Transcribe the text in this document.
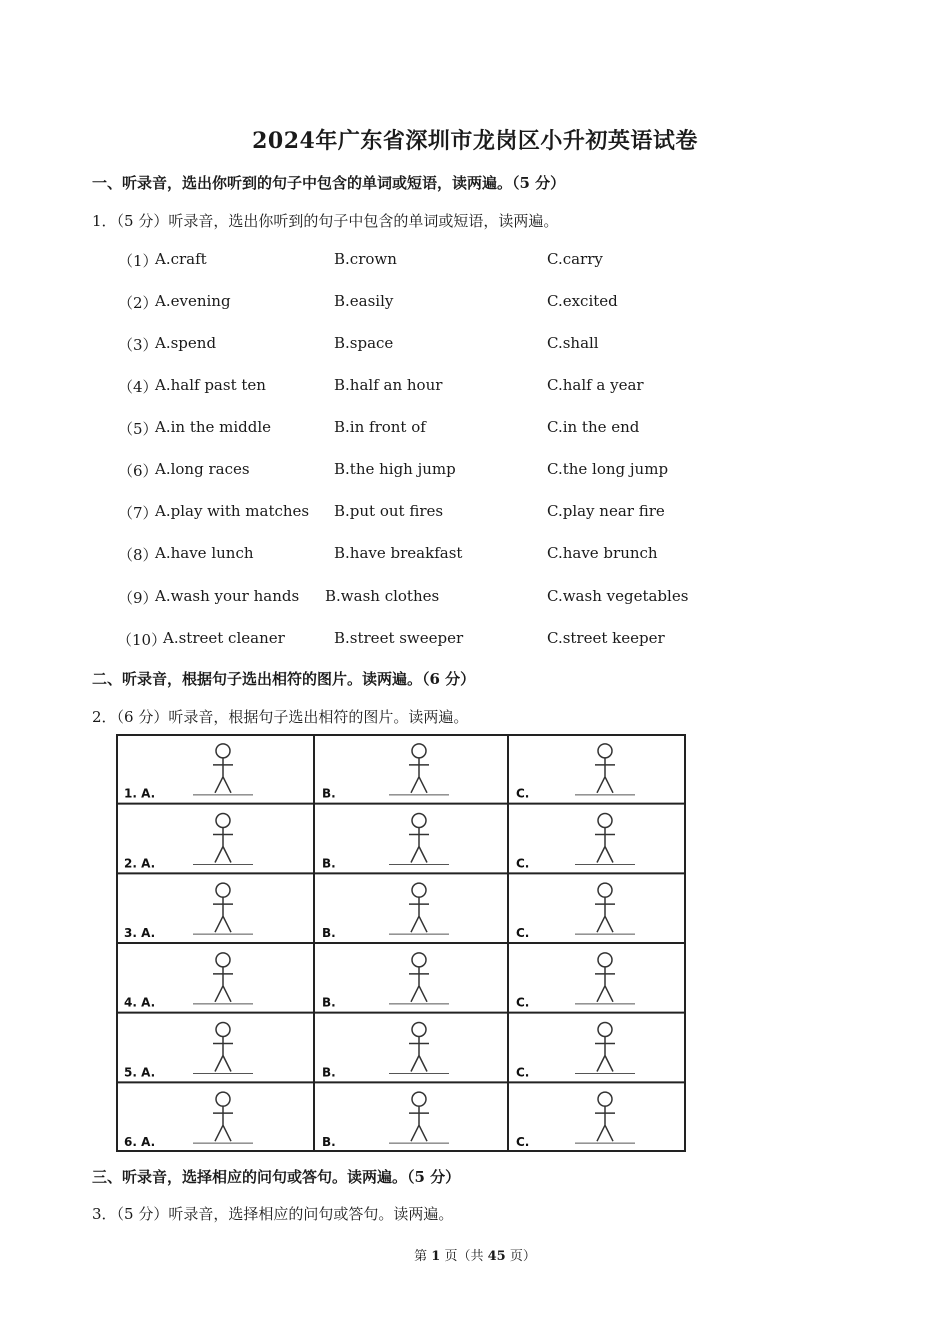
2024年广东省深圳市龙岗区小升初英语试卷
一、听录音，选出你听到的句子中包含的单词或短语，读两遍。（5 分）
1．（5 分）听录音，选出你听到的句子中包含的单词或短语，读两遍。
（1）
A.craft	B.crown	C.carry
（2）
A.evening	B.easily	C.excited
（3）
A.spend	B.space	C.shall
（4）
A.half past ten	B.half an hour	C.half a year
（5）
A.in the middle	B.in front of	C.in the end
（6）
A.long races	B.the high jump	C.the long jump
（7）
A.play with matches B.put out fires	C.play near fire
（8）
A.have lunch	B.have breakfast	C.have brunch
（9）
A.wash your hands B.wash clothes	C.wash vegetables
（10）
A.street cleaner	B.street sweeper	C.street keeper
二、听录音，根据句子选出相符的图片。读两遍。（6 分）
2．（6 分）听录音，根据句子选出相符的图片。读两遍。
1. A.	B.	C.
2. A.	B.	C.
3. A.	B.	C.
4. A.	B.	C.
5. A.	B.	C.
6. A.	B.	C.
三、听录音，选择相应的问句或答句。读两遍。（5 分）
3．（5 分）听录音，选择相应的问句或答句。读两遍。
第 1 页（共 45 页）
